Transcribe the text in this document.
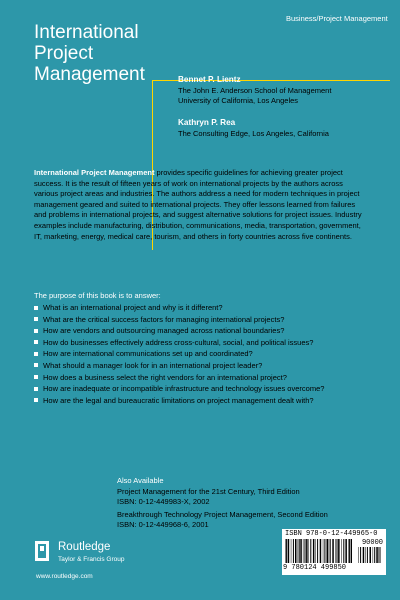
International
Project
Management
Business/Project Management
Bennet P. Lientz
The John E. Anderson School of Management
University of California, Los Angeles
Kathryn P. Rea
The Consulting Edge, Los Angeles, California
International Project Management provides specific guidelines for achieving greater project success. It is the result of fifteen years of work on international projects by the authors across various project areas and industries. The authors address a need for modern techniques in project management geared and suited to international projects. They offer lessons learned from failures and problems in international projects, and suggest alternative solutions for project issues. Industry examples include manufacturing, distribution, communications, media, transportation, government, IT, marketing, energy, medical care, tourism, and others in forty countries across five continents.
The purpose of this book is to answer:
What is an international project and why is it different?
What are the critical success factors for managing international projects?
How are vendors and outsourcing managed across national boundaries?
How do businesses effectively address cross-cultural, social, and political issues?
How are international communications set up and coordinated?
What should a manager look for in an international project leader?
How does a business select the right vendors for an international project?
How are inadequate or incompatible infrastructure and technology issues overcome?
How are the legal and bureaucratic limitations on project management dealt with?
Also Available
Project Management for the 21st Century, Third Edition
ISBN: 0-12-449983-X, 2002
Breakthrough Technology Project Management, Second Edition
ISBN: 0-12-449968-6, 2001
ISBN 978-0-12-449965-0
90000
9 780124 499850
Routledge
Taylor & Francis Group
www.routledge.com
